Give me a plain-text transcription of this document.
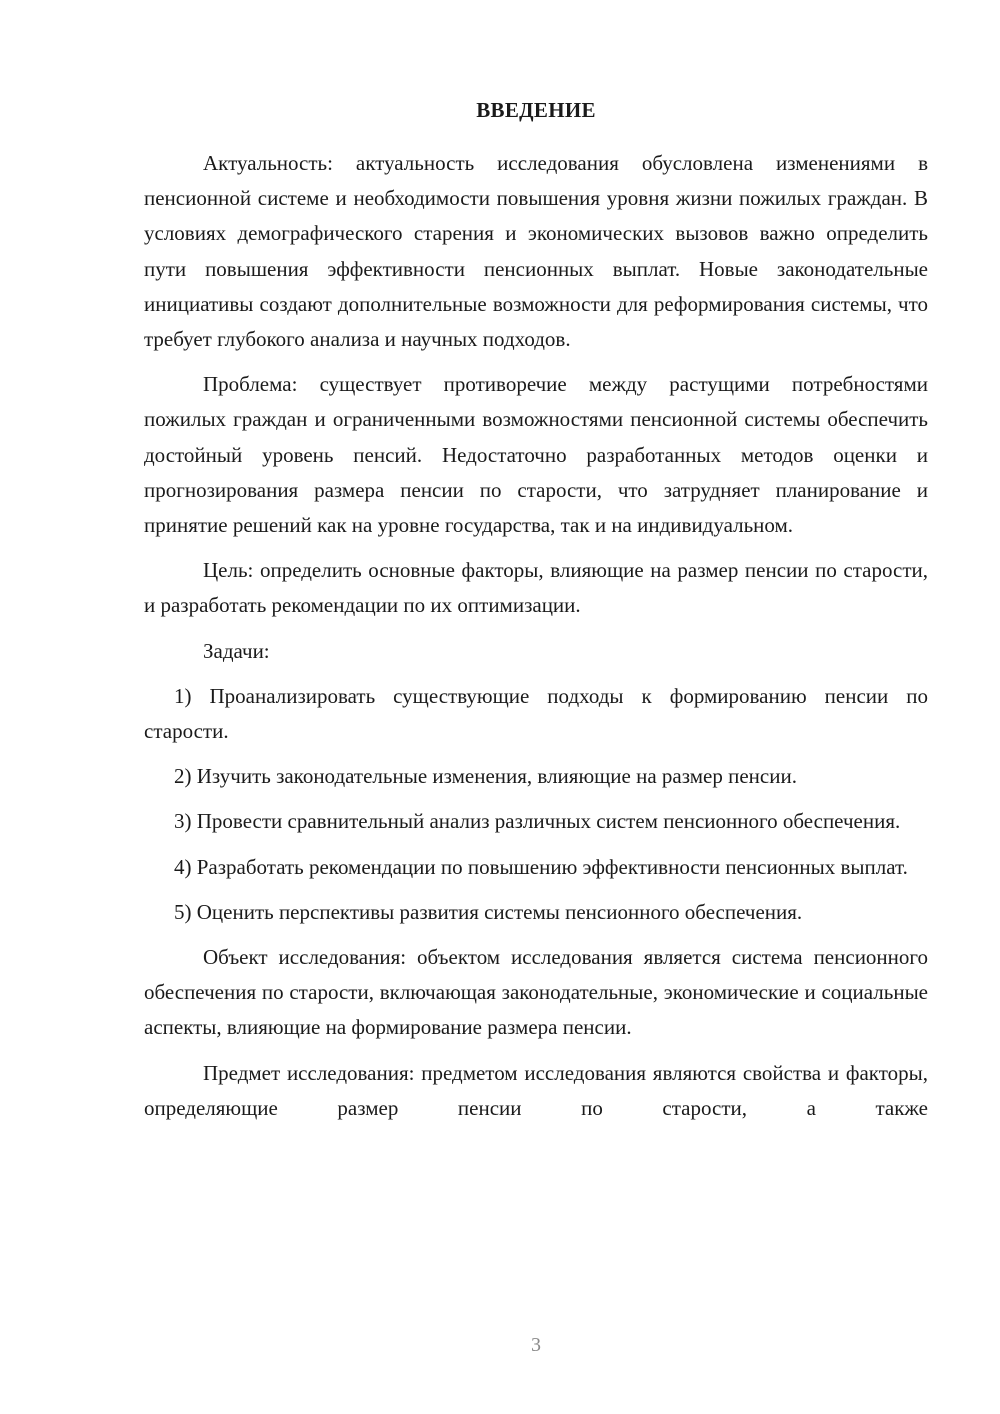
ВВЕДЕНИЕ

Актуальность: актуальность исследования обусловлена изменениями в пенсионной системе и необходимости повышения уровня жизни пожилых граждан. В условиях демографического старения и экономических вызовов важно определить пути повышения эффективности пенсионных выплат. Новые законодательные инициативы создают дополнительные возможности для реформирования системы, что требует глубокого анализа и научных подходов.

Проблема: существует противоречие между растущими потребностями пожилых граждан и ограниченными возможностями пенсионной системы обеспечить достойный уровень пенсий. Недостаточно разработанных методов оценки и прогнозирования размера пенсии по старости, что затрудняет планирование и принятие решений как на уровне государства, так и на индивидуальном.

Цель: определить основные факторы, влияющие на размер пенсии по старости, и разработать рекомендации по их оптимизации.

Задачи:

1) Проанализировать существующие подходы к формированию пенсии по старости.

2) Изучить законодательные изменения, влияющие на размер пенсии.

3) Провести сравнительный анализ различных систем пенсионного обеспечения.

4) Разработать рекомендации по повышению эффективности пенсионных выплат.

5) Оценить перспективы развития системы пенсионного обеспечения.

Объект исследования: объектом исследования является система пенсионного обеспечения по старости, включающая законодательные, экономические и социальные аспекты, влияющие на формирование размера пенсии.

Предмет исследования: предметом исследования являются свойства и факторы, определяющие размер пенсии по старости, а также

3
